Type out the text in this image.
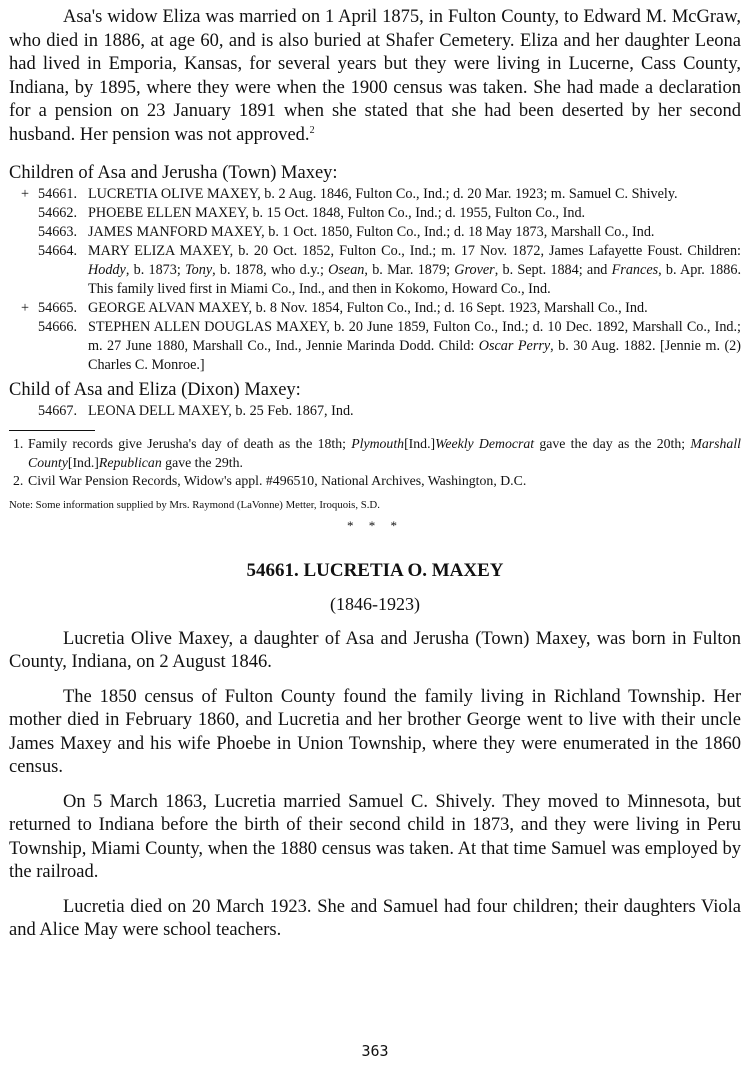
Asa's widow Eliza was married on 1 April 1875, in Fulton County, to Edward M. McGraw, who died in 1886, at age 60, and is also buried at Shafer Cemetery. Eliza and her daughter Leona had lived in Emporia, Kansas, for several years but they were living in Lucerne, Cass County, Indiana, by 1895, where they were when the 1900 census was taken. She had made a declaration for a pension on 23 January 1891 when she stated that she had been deserted by her second husband. Her pension was not approved.$^2$

Children of Asa and Jerusha (Town) Maxey:
+ 54661. LUCRETIA OLIVE MAXEY, b. 2 Aug. 1846, Fulton Co., Ind.; d. 20 Mar. 1923; m. Samuel C. Shively.
54662. PHOEBE ELLEN MAXEY, b. 15 Oct. 1848, Fulton Co., Ind.; d. 1955, Fulton Co., Ind.
54663. JAMES MANFORD MAXEY, b. 1 Oct. 1850, Fulton Co., Ind.; d. 18 May 1873, Marshall Co., Ind.
54664. MARY ELIZA MAXEY, b. 20 Oct. 1852, Fulton Co., Ind.; m. 17 Nov. 1872, James Lafayette Foust. Children: Hoddy, b. 1873; Tony, b. 1878, who d.y.; Osean, b. Mar. 1879; Grover, b. Sept. 1884; and Frances, b. Apr. 1886. This family lived first in Miami Co., Ind., and then in Kokomo, Howard Co., Ind.
+ 54665. GEORGE ALVAN MAXEY, b. 8 Nov. 1854, Fulton Co., Ind.; d. 16 Sept. 1923, Marshall Co., Ind.
54666. STEPHEN ALLEN DOUGLAS MAXEY, b. 20 June 1859, Fulton Co., Ind.; d. 10 Dec. 1892, Marshall Co., Ind.; m. 27 June 1880, Marshall Co., Ind., Jennie Marinda Dodd. Child: Oscar Perry, b. 30 Aug. 1882. [Jennie m. (2) Charles C. Monroe.]
Child of Asa and Eliza (Dixon) Maxey:
54667. LEONA DELL MAXEY, b. 25 Feb. 1867, Ind.
1. Family records give Jerusha's day of death as the 18th; Plymouth[Ind.]Weekly Democrat gave the day as the 20th; Marshall County[Ind.]Republican gave the 29th.
2. Civil War Pension Records, Widow's appl. #496510, National Archives, Washington, D.C.
Note: Some information supplied by Mrs. Raymond (LaVonne) Metter, Iroquois, S.D.
* * *
54661. LUCRETIA O. MAXEY
(1846-1923)

Lucretia Olive Maxey, a daughter of Asa and Jerusha (Town) Maxey, was born in Fulton County, Indiana, on 2 August 1846.

The 1850 census of Fulton County found the family living in Richland Township. Her mother died in February 1860, and Lucretia and her brother George went to live with their uncle James Maxey and his wife Phoebe in Union Township, where they were enumerated in the 1860 census.

On 5 March 1863, Lucretia married Samuel C. Shively. They moved to Minnesota, but returned to Indiana before the birth of their second child in 1873, and they were living in Peru Township, Miami County, when the 1880 census was taken. At that time Samuel was employed by the railroad.

Lucretia died on 20 March 1923. She and Samuel had four children; their daughters Viola and Alice May were school teachers.

363
